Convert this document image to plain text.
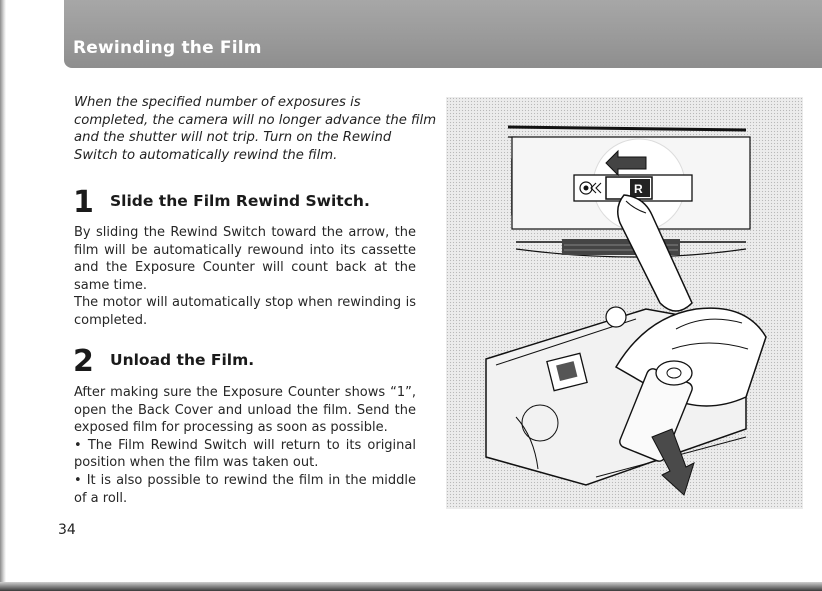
Rewinding the Film
When the specified number of exposures is
completed, the camera will no longer advance the film
and the shutter will not trip. Turn on the Rewind
Switch to automatically rewind the film.
1 Slide the Film Rewind Switch.

By sliding the Rewind Switch toward the arrow, the film will be automatically rewound into its cassette and the Exposure Counter will count back at the same time.

The motor will automatically stop when rewinding is completed.

2 Unload the Film.

After making sure the Exposure Counter shows “1”, open the Back Cover and unload the film. Send the exposed film for processing as soon as possible.

• The Film Rewind Switch will return to its original position when the film was taken out.

• It is also possible to rewind the film in the middle of a roll.

34
R
